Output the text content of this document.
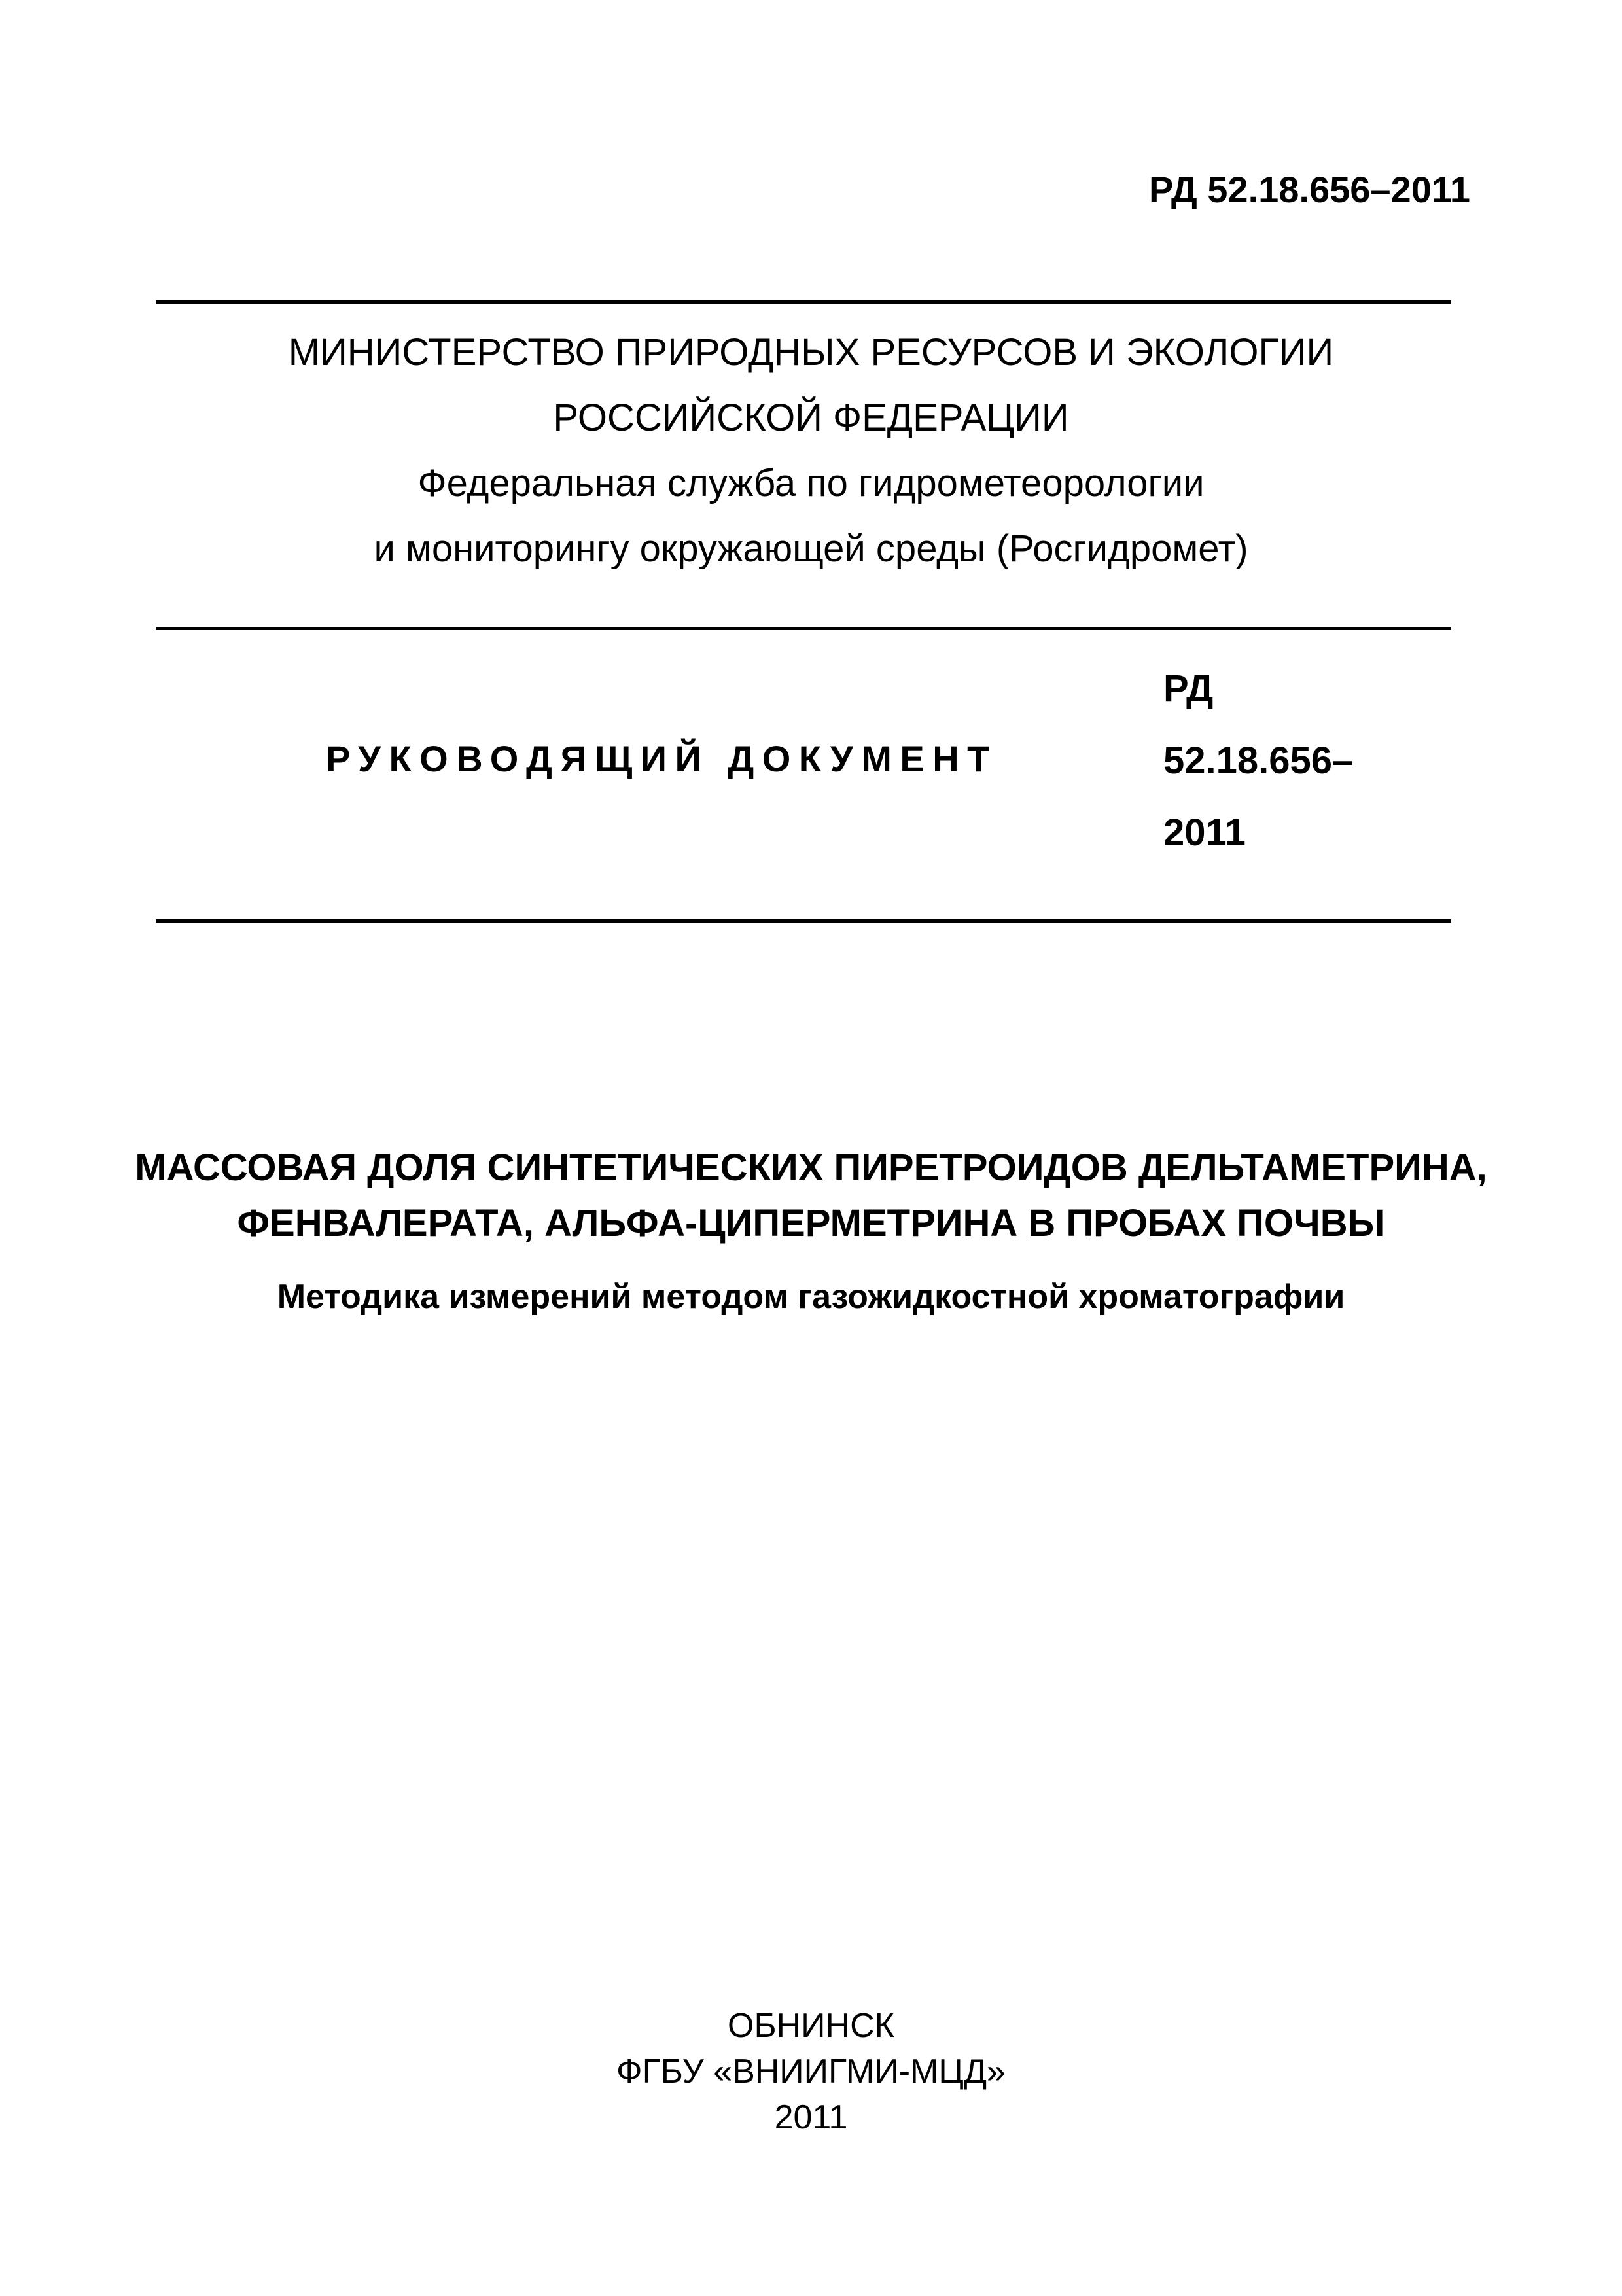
РД 52.18.656–2011
МИНИСТЕРСТВО ПРИРОДНЫХ РЕСУРСОВ И ЭКОЛОГИИ
РОССИЙСКОЙ ФЕДЕРАЦИИ
Федеральная служба по гидрометеорологии
и мониторингу окружающей среды (Росгидромет)
РУКОВОДЯЩИЙ ДОКУМЕНТ
РД
52.18.656–
2011
МАССОВАЯ ДОЛЯ СИНТЕТИЧЕСКИХ ПИРЕТРОИДОВ ДЕЛЬТАМЕТРИНА,
ФЕНВАЛЕРАТА, АЛЬФА-ЦИПЕРМЕТРИНА В ПРОБАХ ПОЧВЫ
Методика измерений методом газожидкостной хроматографии
ОБНИНСК
ФГБУ «ВНИИГМИ-МЦД»
2011
